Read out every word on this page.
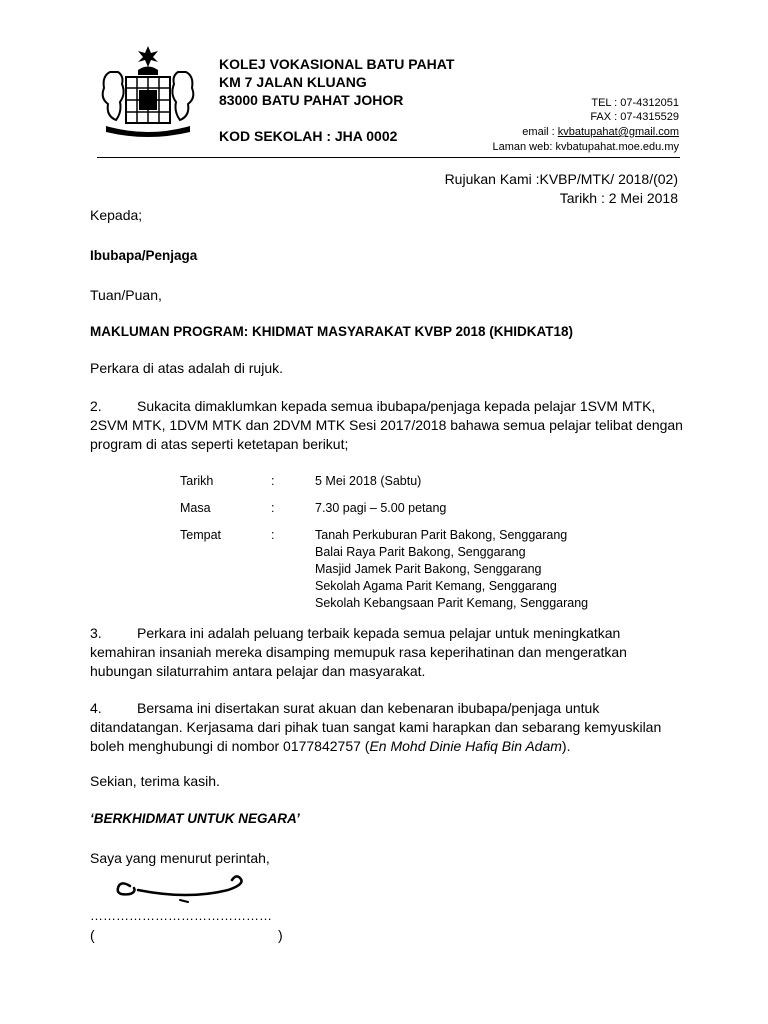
KOLEJ VOKASIONAL BATU PAHAT
KM 7 JALAN KLUANG
83000 BATU PAHAT JOHOR
KOD SEKOLAH : JHA 0002
TEL : 07-4312051
FAX : 07-4315529
email : kvbatupahat@gmail.com
Laman web: kvbatupahat.moe.edu.my
Rujukan Kami :KVBP/MTK/ 2018/(02)
Tarikh : 2 Mei 2018
Kepada;
Ibubapa/Penjaga
Tuan/Puan,
MAKLUMAN PROGRAM: KHIDMAT MASYARAKAT KVBP 2018 (KHIDKAT18)
Perkara di atas adalah di rujuk.
2.	Sukacita dimaklumkan kepada semua ibubapa/penjaga kepada pelajar 1SVM MTK,
2SVM MTK, 1DVM MTK dan 2DVM MTK Sesi 2017/2018 bahawa semua pelajar telibat dengan
program di atas seperti ketetapan berikut;
Tarikh	:	5 Mei 2018 (Sabtu)
Masa	:	7.30 pagi – 5.00 petang
Tempat	:	Tanah Perkuburan Parit Bakong, Senggarang
Balai Raya Parit Bakong, Senggarang
Masjid Jamek Parit Bakong, Senggarang
Sekolah Agama Parit Kemang, Senggarang
Sekolah Kebangsaan Parit Kemang, Senggarang
3.	Perkara ini adalah peluang terbaik kepada semua pelajar untuk meningkatkan
kemahiran insaniah mereka disamping memupuk rasa keperihatinan dan mengeratkan
hubungan silaturrahim antara pelajar dan masyarakat.
4.	Bersama ini disertakan surat akuan dan kebenaran ibubapa/penjaga untuk
ditandatangan. Kerjasama dari pihak tuan sangat kami harapkan dan sebarang kemyuskilan
boleh menghubungi di nombor 0177842757 (En Mohd Dinie Hafiq Bin Adam).
Sekian, terima kasih.
‘BERKHIDMAT UNTUK NEGARA’
Saya yang menurut perintah,
……………………………………
(	)
